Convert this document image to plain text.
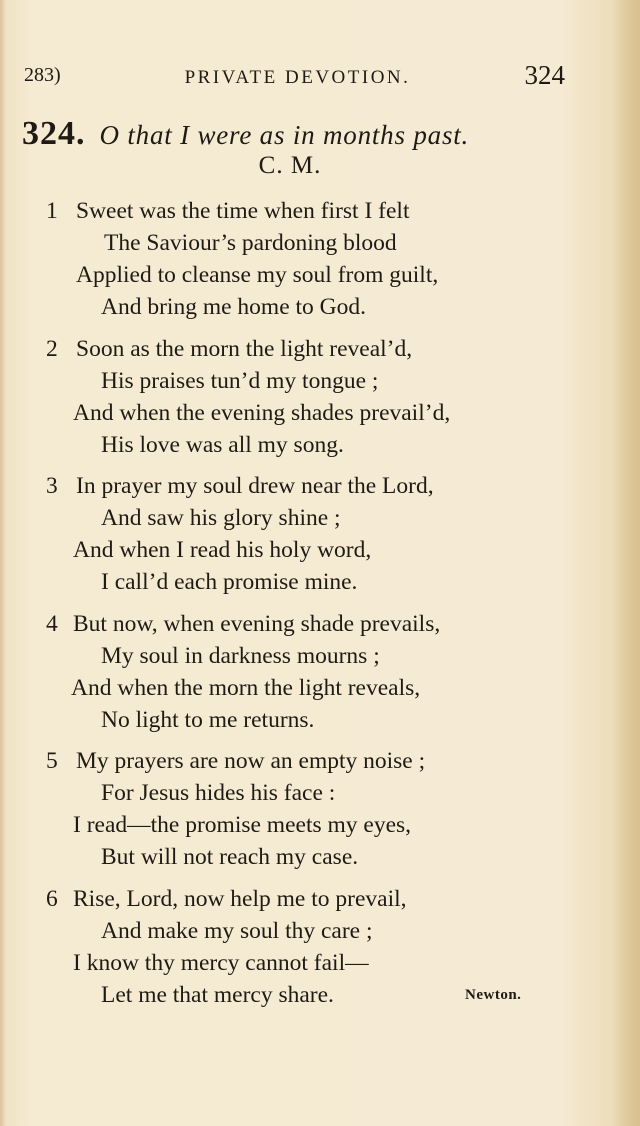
283)	PRIVATE DEVOTION.	324
324. O that I were as in months past.
C. M.
1 Sweet was the time when first I felt
The Saviour’s pardoning blood
Applied to cleanse my soul from guilt,
And bring me home to God.
2 Soon as the morn the light reveal’d,
His praises tun’d my tongue ;
And when the evening shades prevail’d,
His love was all my song.
3 In prayer my soul drew near the Lord,
And saw his glory shine ;
And when I read his holy word,
I call’d each promise mine.
4 But now, when evening shade prevails,
My soul in darkness mourns ;
And when the morn the light reveals,
No light to me returns.
5 My prayers are now an empty noise ;
For Jesus hides his face :
I read—the promise meets my eyes,
But will not reach my case.
6 Rise, Lord, now help me to prevail,
And make my soul thy care ;
I know thy mercy cannot fail—
Let me that mercy share.	Newton.
